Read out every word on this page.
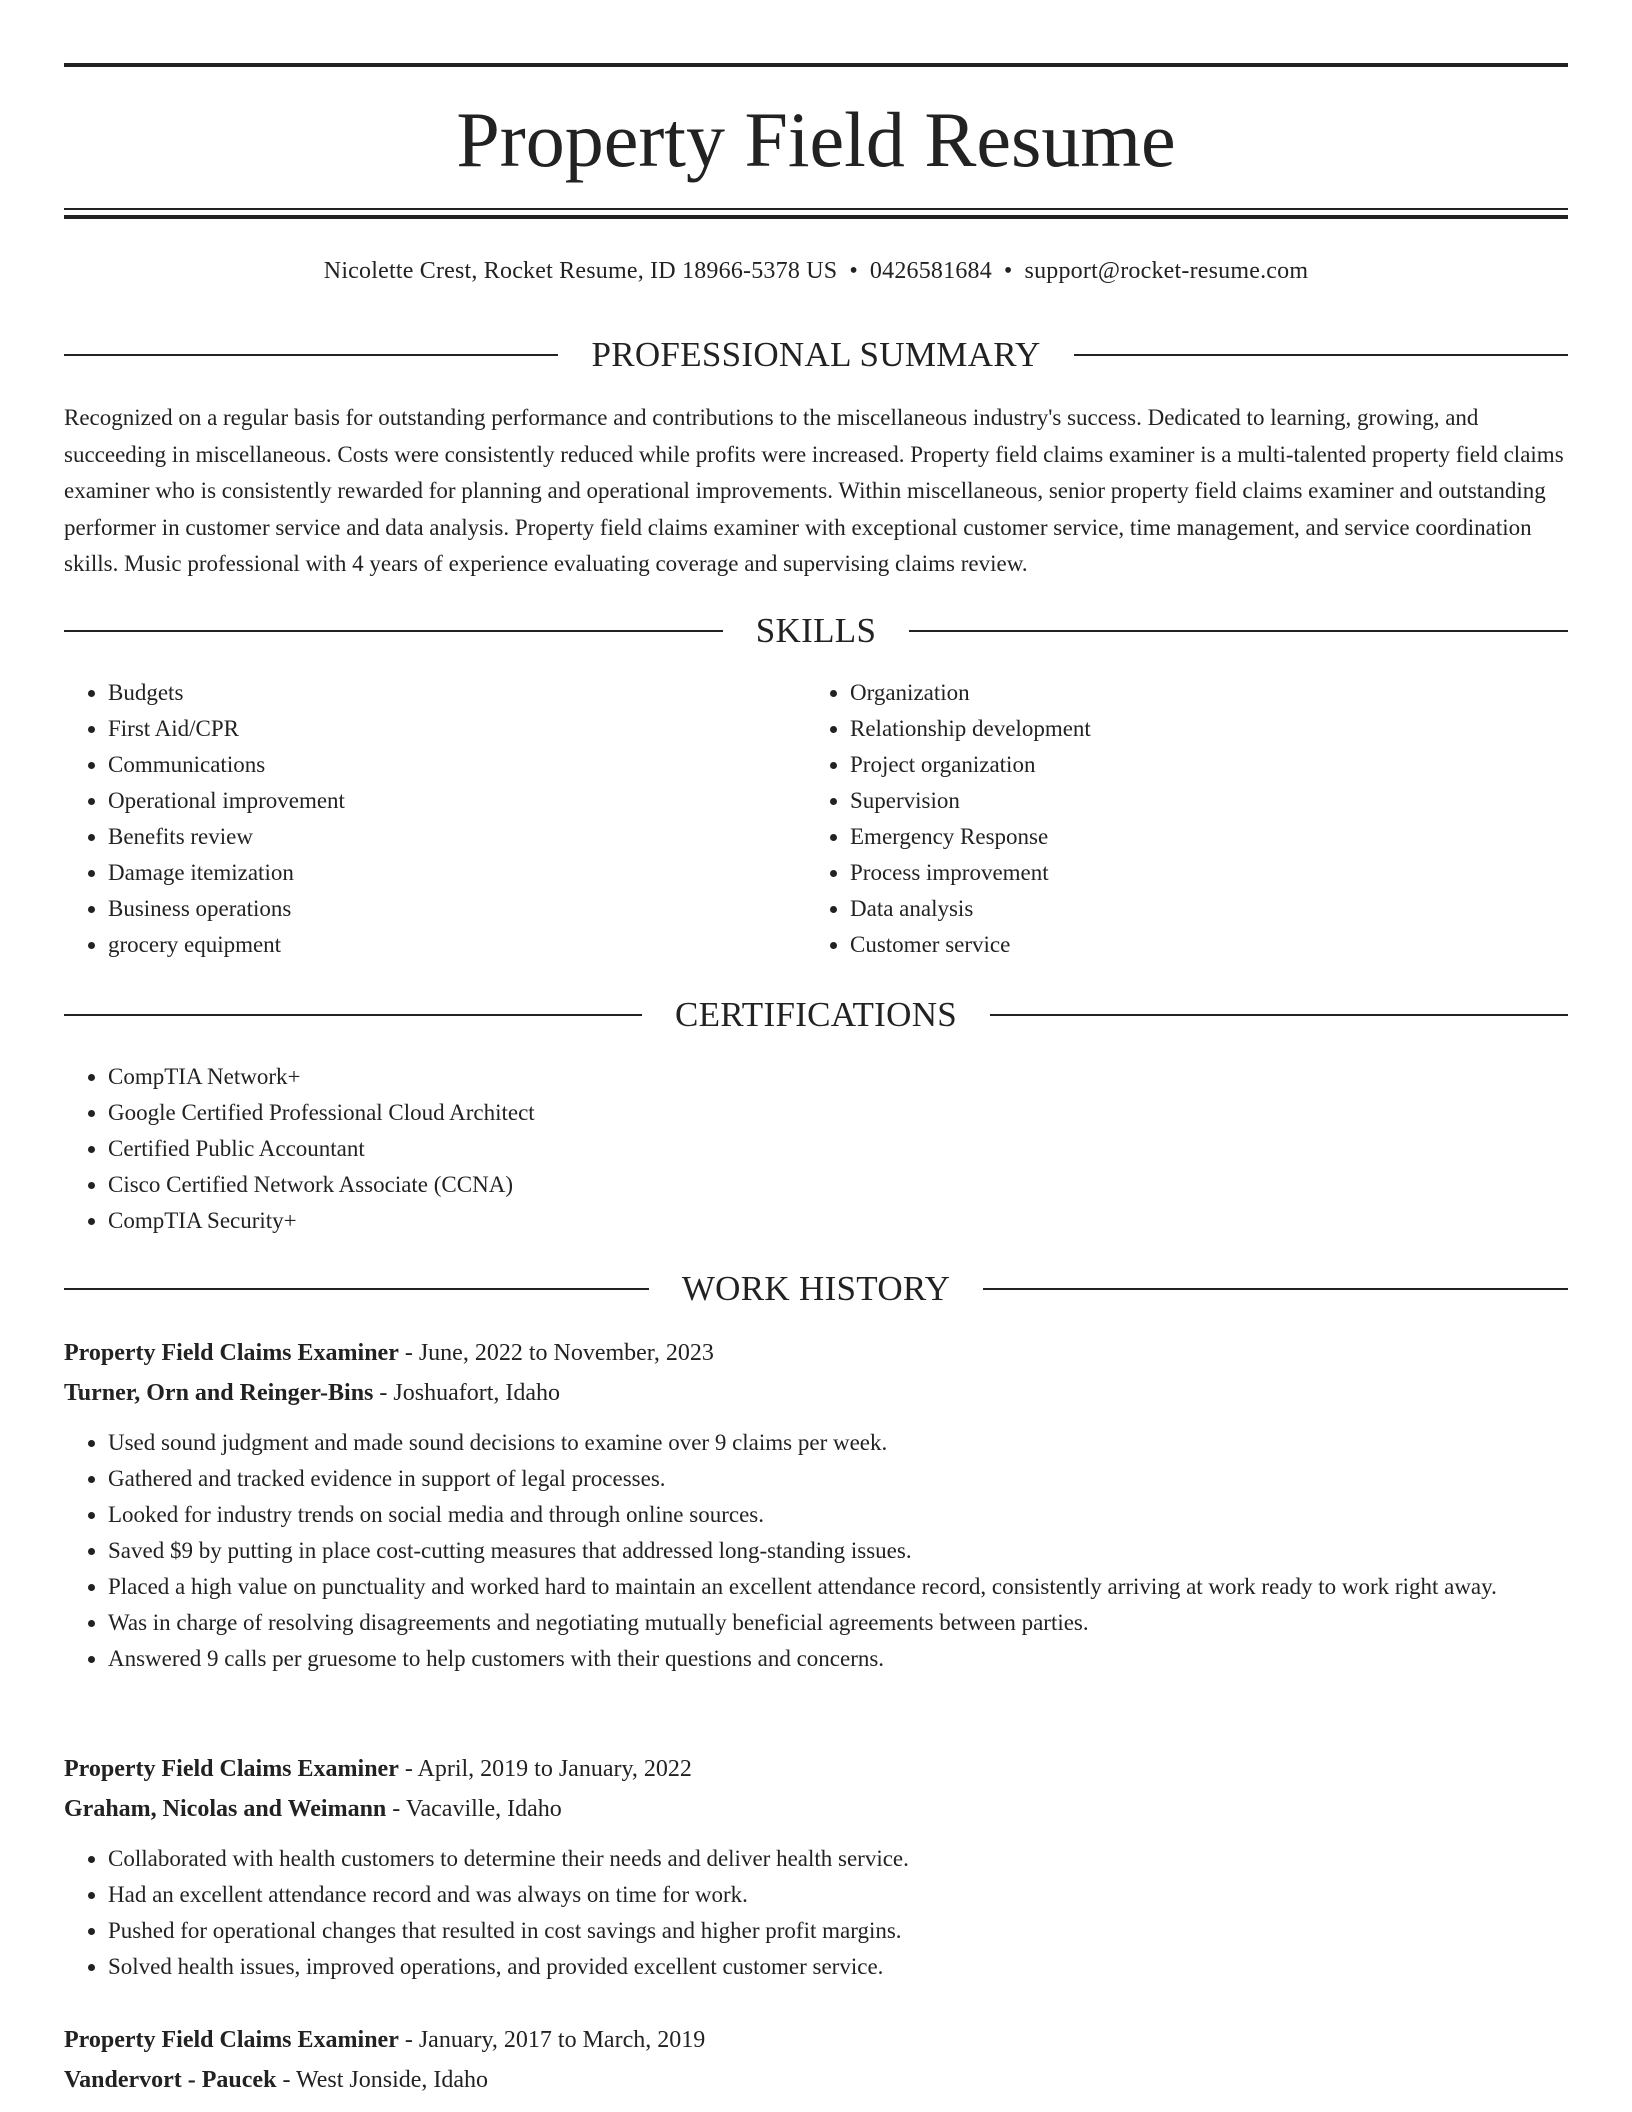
Property Field Resume
Nicolette Crest, Rocket Resume, ID 18966-5378 US • 0426581684 • support@rocket-resume.com
PROFESSIONAL SUMMARY

Recognized on a regular basis for outstanding performance and contributions to the miscellaneous industry's success. Dedicated to learning, growing, and succeeding in miscellaneous. Costs were consistently reduced while profits were increased. Property field claims examiner is a multi-talented property field claims examiner who is consistently rewarded for planning and operational improvements. Within miscellaneous, senior property field claims examiner and outstanding performer in customer service and data analysis. Property field claims examiner with exceptional customer service, time management, and service coordination skills. Music professional with 4 years of experience evaluating coverage and supervising claims review.

SKILLS
• Budgets
• First Aid/CPR
• Communications
• Operational improvement
• Benefits review
• Damage itemization
• Business operations
• grocery equipment
• Organization
• Relationship development
• Project organization
• Supervision
• Emergency Response
• Process improvement
• Data analysis
• Customer service
CERTIFICATIONS
• CompTIA Network+
• Google Certified Professional Cloud Architect
• Certified Public Accountant
• Cisco Certified Network Associate (CCNA)
• CompTIA Security+
WORK HISTORY
Property Field Claims Examiner - June, 2022 to November, 2023
Turner, Orn and Reinger-Bins - Joshuafort, Idaho
• Used sound judgment and made sound decisions to examine over 9 claims per week.
• Gathered and tracked evidence in support of legal processes.
• Looked for industry trends on social media and through online sources.
• Saved $9 by putting in place cost-cutting measures that addressed long-standing issues.
• Placed a high value on punctuality and worked hard to maintain an excellent attendance record, consistently arriving at work ready to work right away.
• Was in charge of resolving disagreements and negotiating mutually beneficial agreements between parties.
• Answered 9 calls per gruesome to help customers with their questions and concerns.
Property Field Claims Examiner - April, 2019 to January, 2022
Graham, Nicolas and Weimann - Vacaville, Idaho
• Collaborated with health customers to determine their needs and deliver health service.
• Had an excellent attendance record and was always on time for work.
• Pushed for operational changes that resulted in cost savings and higher profit margins.
• Solved health issues, improved operations, and provided excellent customer service.
Property Field Claims Examiner - January, 2017 to March, 2019
Vandervort - Paucek - West Jonside, Idaho
